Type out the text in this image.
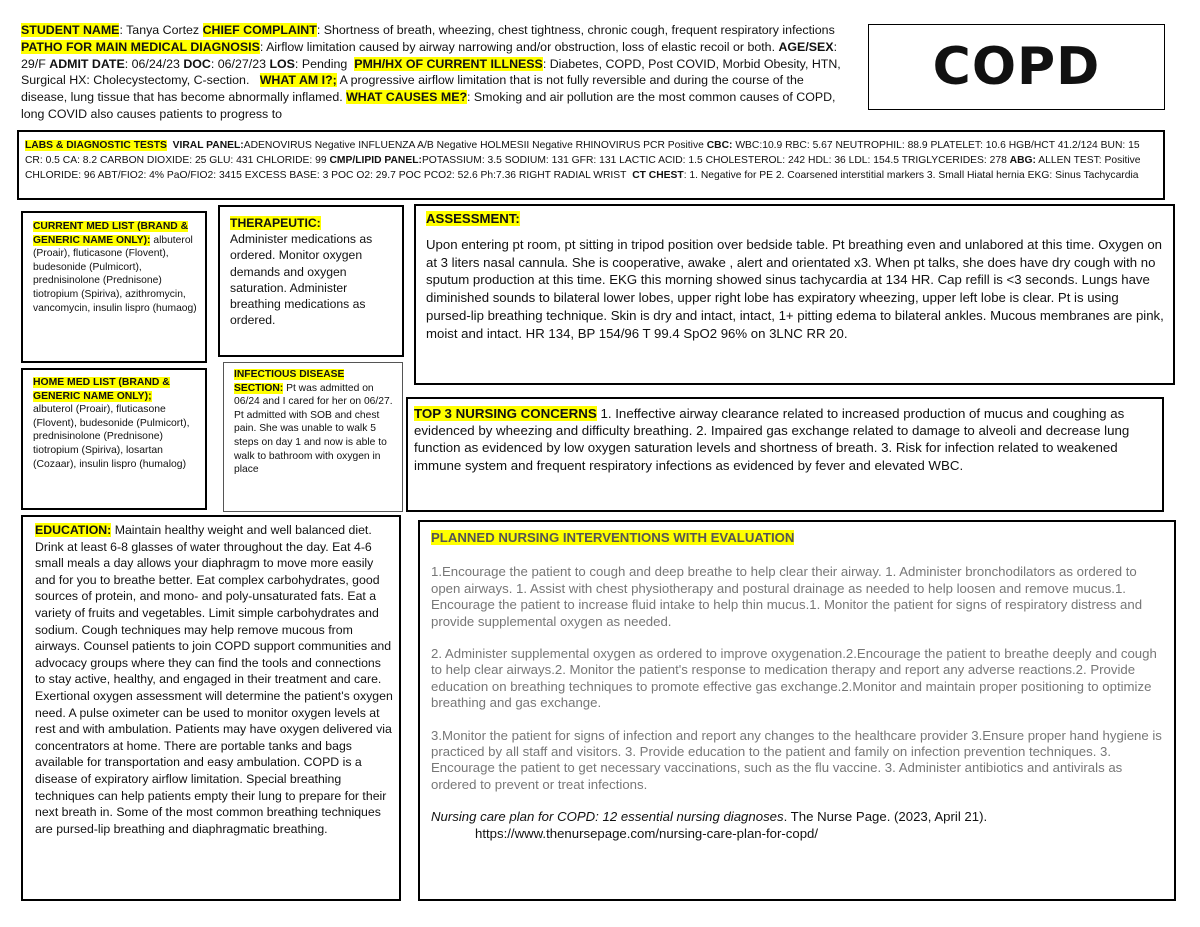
STUDENT NAME: Tanya Cortez CHIEF COMPLAINT: Shortness of breath, wheezing, chest tightness, chronic cough, frequent respiratory infections   PATHO FOR MAIN MEDICAL DIAGNOSIS: Airflow limitation caused by airway narrowing and/or obstruction, loss of elastic recoil or both. AGE/SEX: 29/F ADMIT DATE: 06/24/23 DOC: 06/27/23 LOS: Pending PMH/HX OF CURRENT ILLNESS: Diabetes, COPD, Post COVID, Morbid Obesity, HTN, Surgical HX: Cholecystectomy, C-section. WHAT AM I?; A progressive airflow limitation that is not fully reversible and during the course of the disease, lung tissue that has become abnormally inflamed. WHAT CAUSES ME?: Smoking and air pollution are the most common causes of COPD, long COVID also causes patients to progress to
COPD
LABS & DIAGNOSTIC TESTS VIRAL PANEL:ADENOVIRUS Negative INFLUENZA A/B Negative HOLMESII Negative RHINOVIRUS PCR Positive CBC: WBC:10.9 RBC: 5.67 NEUTROPHIL: 88.9 PLATELET: 10.6 HGB/HCT 41.2/124 BUN: 15 CR: 0.5 CA: 8.2 CARBON DIOXIDE: 25 GLU: 431 CHLORIDE: 99 CMP/LIPID PANEL:POTASSIUM: 3.5 SODIUM: 131 GFR: 131 LACTIC ACID: 1.5 CHOLESTEROL: 242 HDL: 36 LDL: 154.5 TRIGLYCERIDES: 278 ABG: ALLEN TEST: Positive CHLORIDE: 96 ABT/FIO2: 4% PaO/FIO2: 3415 EXCESS BASE: 3 POC O2: 29.7 POC PCO2: 52.6 Ph:7.36 RIGHT RADIAL WRIST CT CHEST: 1. Negative for PE 2. Coarsened interstitial markers 3. Small Hiatal hernia EKG: Sinus Tachycardia
CURRENT MED LIST (BRAND & GENERIC NAME ONLY): albuterol (Proair), fluticasone (Flovent), budesonide (Pulmicort), prednisinolone (Prednisone) tiotropium (Spiriva), azithromycin, vancomycin, insulin lispro (humaog)
THERAPEUTIC:
Administer medications as ordered. Monitor oxygen demands and oxygen saturation. Administer breathing medications as ordered.
ASSESSMENT:

Upon entering pt room, pt sitting in tripod position over bedside table. Pt breathing even and unlabored at this time. Oxygen on at 3 liters nasal cannula. She is cooperative, awake , alert and orientated x3. When pt talks, she does have dry cough with no sputum production at this time. EKG this morning showed sinus tachycardia at 134 HR. Cap refill is <3 seconds. Lungs have diminished sounds to bilateral lower lobes, upper right lobe has expiratory wheezing, upper left lobe is clear. Pt is using pursed-lip breathing technique. Skin is dry and intact, intact, 1+ pitting edema to bilateral ankles. Mucous membranes are pink, moist and intact. HR 134, BP 154/96 T 99.4 SpO2 96% on 3LNC RR 20.

HOME MED LIST (BRAND & GENERIC NAME ONLY);
albuterol (Proair), fluticasone (Flovent), budesonide (Pulmicort), prednisinolone (Prednisone) tiotropium (Spiriva), losartan (Cozaar), insulin lispro (humalog)
INFECTIOUS DISEASE SECTION: Pt was admitted on 06/24 and I cared for her on 06/27. Pt admitted with SOB and chest pain. She was unable to walk 5 steps on day 1 and now is able to walk to bathroom with oxygen in place
TOP 3 NURSING CONCERNS 1. Ineffective airway clearance related to increased production of mucus and coughing as evidenced by wheezing and difficulty breathing. 2. Impaired gas exchange related to damage to alveoli and decrease lung function as evidenced by low oxygen saturation levels and shortness of breath. 3. Risk for infection related to weakened immune system and frequent respiratory infections as evidenced by fever and elevated WBC.
EDUCATION: Maintain healthy weight and well balanced diet. Drink at least 6-8 glasses of water throughout the day. Eat 4-6 small meals a day allows your diaphragm to move more easily and for you to breathe better. Eat complex carbohydrates, good sources of protein, and mono- and poly-unsaturated fats. Eat a variety of fruits and vegetables. Limit simple carbohydrates and sodium. Cough techniques may help remove mucous from airways. Counsel patients to join COPD support communities and advocacy groups where they can find the tools and connections to stay active, healthy, and engaged in their treatment and care. Exertional oxygen assessment will determine the patient's oxygen need. A pulse oximeter can be used to monitor oxygen levels at rest and with ambulation. Patients may have oxygen delivered via concentrators at home. There are portable tanks and bags available for transportation and easy ambulation. COPD is a disease of expiratory airflow limitation. Special breathing techniques can help patients empty their lung to prepare for their next breath in. Some of the most common breathing techniques are pursed-lip breathing and diaphragmatic breathing.

PLANNED NURSING INTERVENTIONS WITH EVALUATION

1.Encourage the patient to cough and deep breathe to help clear their airway. 1. Administer bronchodilators as ordered to open airways. 1. Assist with chest physiotherapy and postural drainage as needed to help loosen and remove mucus.1. Encourage the patient to increase fluid intake to help thin mucus.1. Monitor the patient for signs of respiratory distress and provide supplemental oxygen as needed.

2. Administer supplemental oxygen as ordered to improve oxygenation.2.Encourage the patient to breathe deeply and cough to help clear airways.2. Monitor the patient's response to medication therapy and report any adverse reactions.2. Provide education on breathing techniques to promote effective gas exchange.2.Monitor and maintain proper positioning to optimize breathing and gas exchange.

3.Monitor the patient for signs of infection and report any changes to the healthcare provider 3.Ensure proper hand hygiene is practiced by all staff and visitors. 3. Provide education to the patient and family on infection prevention techniques. 3. Encourage the patient to get necessary vaccinations, such as the flu vaccine. 3. Administer antibiotics and antivirals as ordered to prevent or treat infections.

Nursing care plan for COPD: 12 essential nursing diagnoses. The Nurse Page. (2023, April 21).
https://www.thenursepage.com/nursing-care-plan-for-copd/
